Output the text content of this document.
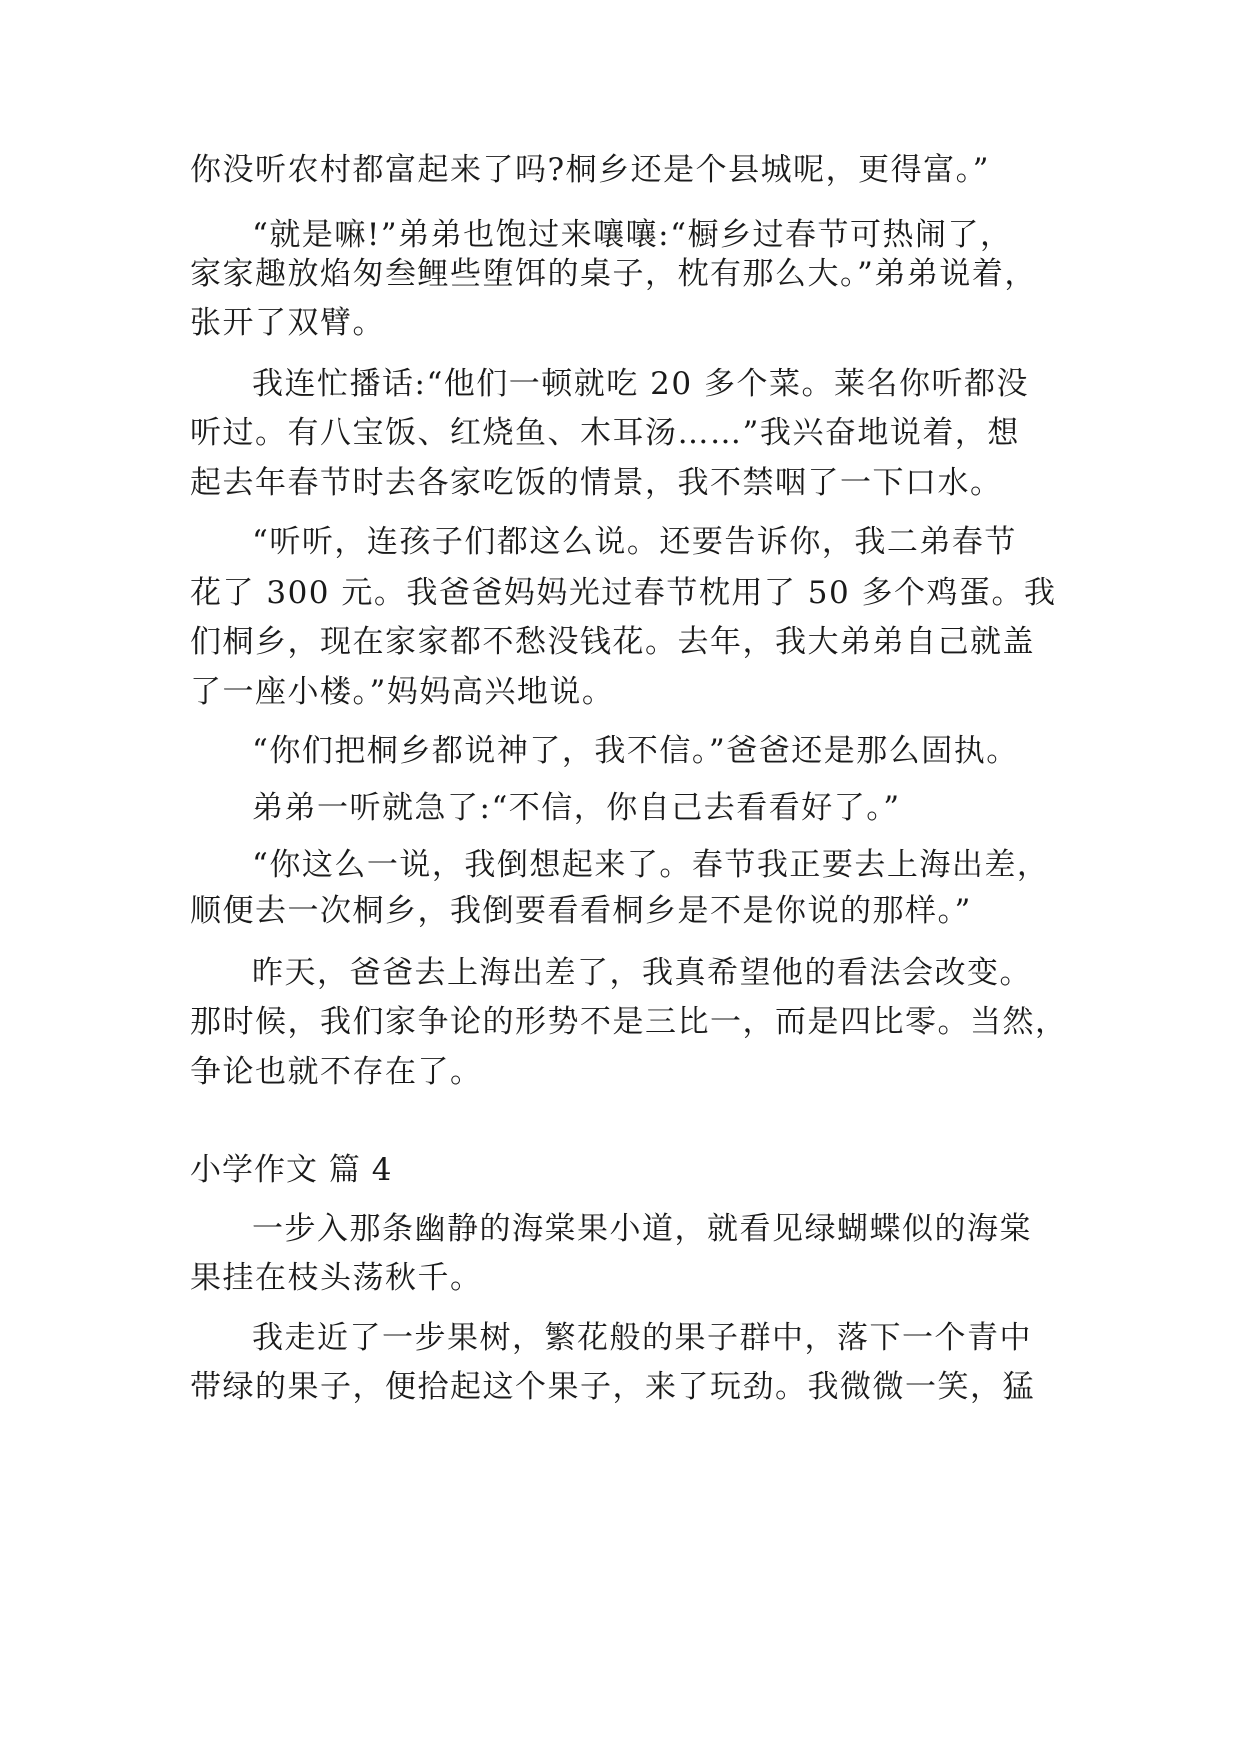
你没听农村都富起来了吗?桐乡还是个县城呢，更得富。”
“就是嘛!”弟弟也饱过来嚷嚷:“橱乡过春节可热闹了，
家家趣放焰匆叁鲤些堕饵的桌子，枕有那么大。”弟弟说着，
张开了双臂。
我连忙播话:“他们一顿就吃 20 多个菜。莱名你听都没
听过。有八宝饭、红烧鱼、木耳汤……”我兴奋地说着，想
起去年春节时去各家吃饭的情景，我不禁咽了一下口水。
“听听，连孩子们都这么说。还要告诉你，我二弟春节
花了 300 元。我爸爸妈妈光过春节枕用了 50 多个鸡蛋。我
们桐乡，现在家家都不愁没钱花。去年，我大弟弟自己就盖
了一座小楼。”妈妈高兴地说。
“你们把桐乡都说神了，我不信。”爸爸还是那么固执。
弟弟一听就急了:“不信，你自己去看看好了。”
“你这么一说，我倒想起来了。春节我正要去上海出差，
顺便去一次桐乡，我倒要看看桐乡是不是你说的那样。”
昨天，爸爸去上海出差了，我真希望他的看法会改变。
那时候，我们家争论的形势不是三比一，而是四比零。当然，
争论也就不存在了。
小学作文 篇 4
一步入那条幽静的海棠果小道，就看见绿蝴蝶似的海棠
果挂在枝头荡秋千。
我走近了一步果树，繁花般的果子群中，落下一个青中
带绿的果子，便拾起这个果子，来了玩劲。我微微一笑，猛
